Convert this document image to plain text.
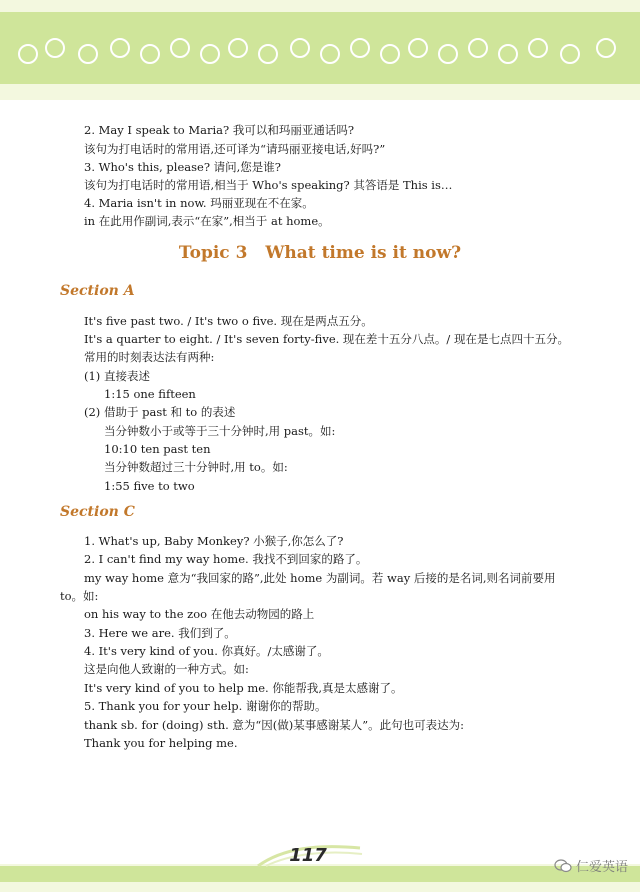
2. May I speak to Maria? 我可以和玛丽亚通话吗?
该句为打电话时的常用语,还可译为“请玛丽亚接电话,好吗?”
3. Who's this, please? 请问,您是谁?
该句为打电话时的常用语,相当于 Who's speaking? 其答语是 This is…
4. Maria isn't in now. 玛丽亚现在不在家。
in 在此用作副词,表示“在家”,相当于 at home。
Topic 3 What time is it now?
Section A
It's five past two. / It's two o five. 现在是两点五分。
It's a quarter to eight. / It's seven forty-five. 现在差十五分八点。/ 现在是七点四十五分。
常用的时刻表达法有两种:
(1) 直接表述
1:15 one fifteen
(2) 借助于 past 和 to 的表述
当分钟数小于或等于三十分钟时,用 past。如:
10:10 ten past ten
当分钟数超过三十分钟时,用 to。如:
1:55 five to two
Section C
1. What's up, Baby Monkey? 小猴子,你怎么了?
2. I can't find my way home. 我找不到回家的路了。
my way home 意为“我回家的路”,此处 home 为副词。若 way 后接的是名词,则名词前要用
to。如:
on his way to the zoo 在他去动物园的路上
3. Here we are. 我们到了。
4. It's very kind of you. 你真好。/太感谢了。
这是向他人致谢的一种方式。如:
It's very kind of you to help me. 你能帮我,真是太感谢了。
5. Thank you for your help. 谢谢你的帮助。
thank sb. for (doing) sth. 意为“因(做)某事感谢某人”。此句也可表达为:
Thank you for helping me.
117
仁爱英语
